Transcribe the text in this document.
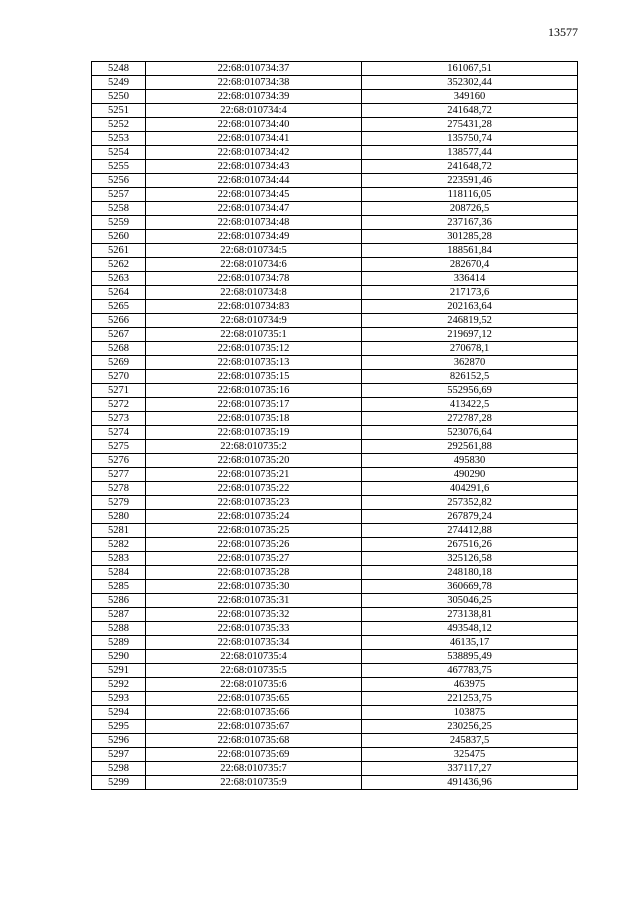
13577
5248	22:68:010734:37	161067,51
5249	22:68:010734:38	352302,44
5250	22:68:010734:39	349160
5251	22:68:010734:4	241648,72
5252	22:68:010734:40	275431,28
5253	22:68:010734:41	135750,74
5254	22:68:010734:42	138577,44
5255	22:68:010734:43	241648,72
5256	22:68:010734:44	223591,46
5257	22:68:010734:45	118116,05
5258	22:68:010734:47	208726,5
5259	22:68:010734:48	237167,36
5260	22:68:010734:49	301285,28
5261	22:68:010734:5	188561,84
5262	22:68:010734:6	282670,4
5263	22:68:010734:78	336414
5264	22:68:010734:8	217173,6
5265	22:68:010734:83	202163,64
5266	22:68:010734:9	246819,52
5267	22:68:010735:1	219697,12
5268	22:68:010735:12	270678,1
5269	22:68:010735:13	362870
5270	22:68:010735:15	826152,5
5271	22:68:010735:16	552956,69
5272	22:68:010735:17	413422,5
5273	22:68:010735:18	272787,28
5274	22:68:010735:19	523076,64
5275	22:68:010735:2	292561,88
5276	22:68:010735:20	495830
5277	22:68:010735:21	490290
5278	22:68:010735:22	404291,6
5279	22:68:010735:23	257352,82
5280	22:68:010735:24	267879,24
5281	22:68:010735:25	274412,88
5282	22:68:010735:26	267516,26
5283	22:68:010735:27	325126,58
5284	22:68:010735:28	248180,18
5285	22:68:010735:30	360669,78
5286	22:68:010735:31	305046,25
5287	22:68:010735:32	273138,81
5288	22:68:010735:33	493548,12
5289	22:68:010735:34	46135,17
5290	22:68:010735:4	538895,49
5291	22:68:010735:5	467783,75
5292	22:68:010735:6	463975
5293	22:68:010735:65	221253,75
5294	22:68:010735:66	103875
5295	22:68:010735:67	230256,25
5296	22:68:010735:68	245837,5
5297	22:68:010735:69	325475
5298	22:68:010735:7	337117,27
5299	22:68:010735:9	491436,96
